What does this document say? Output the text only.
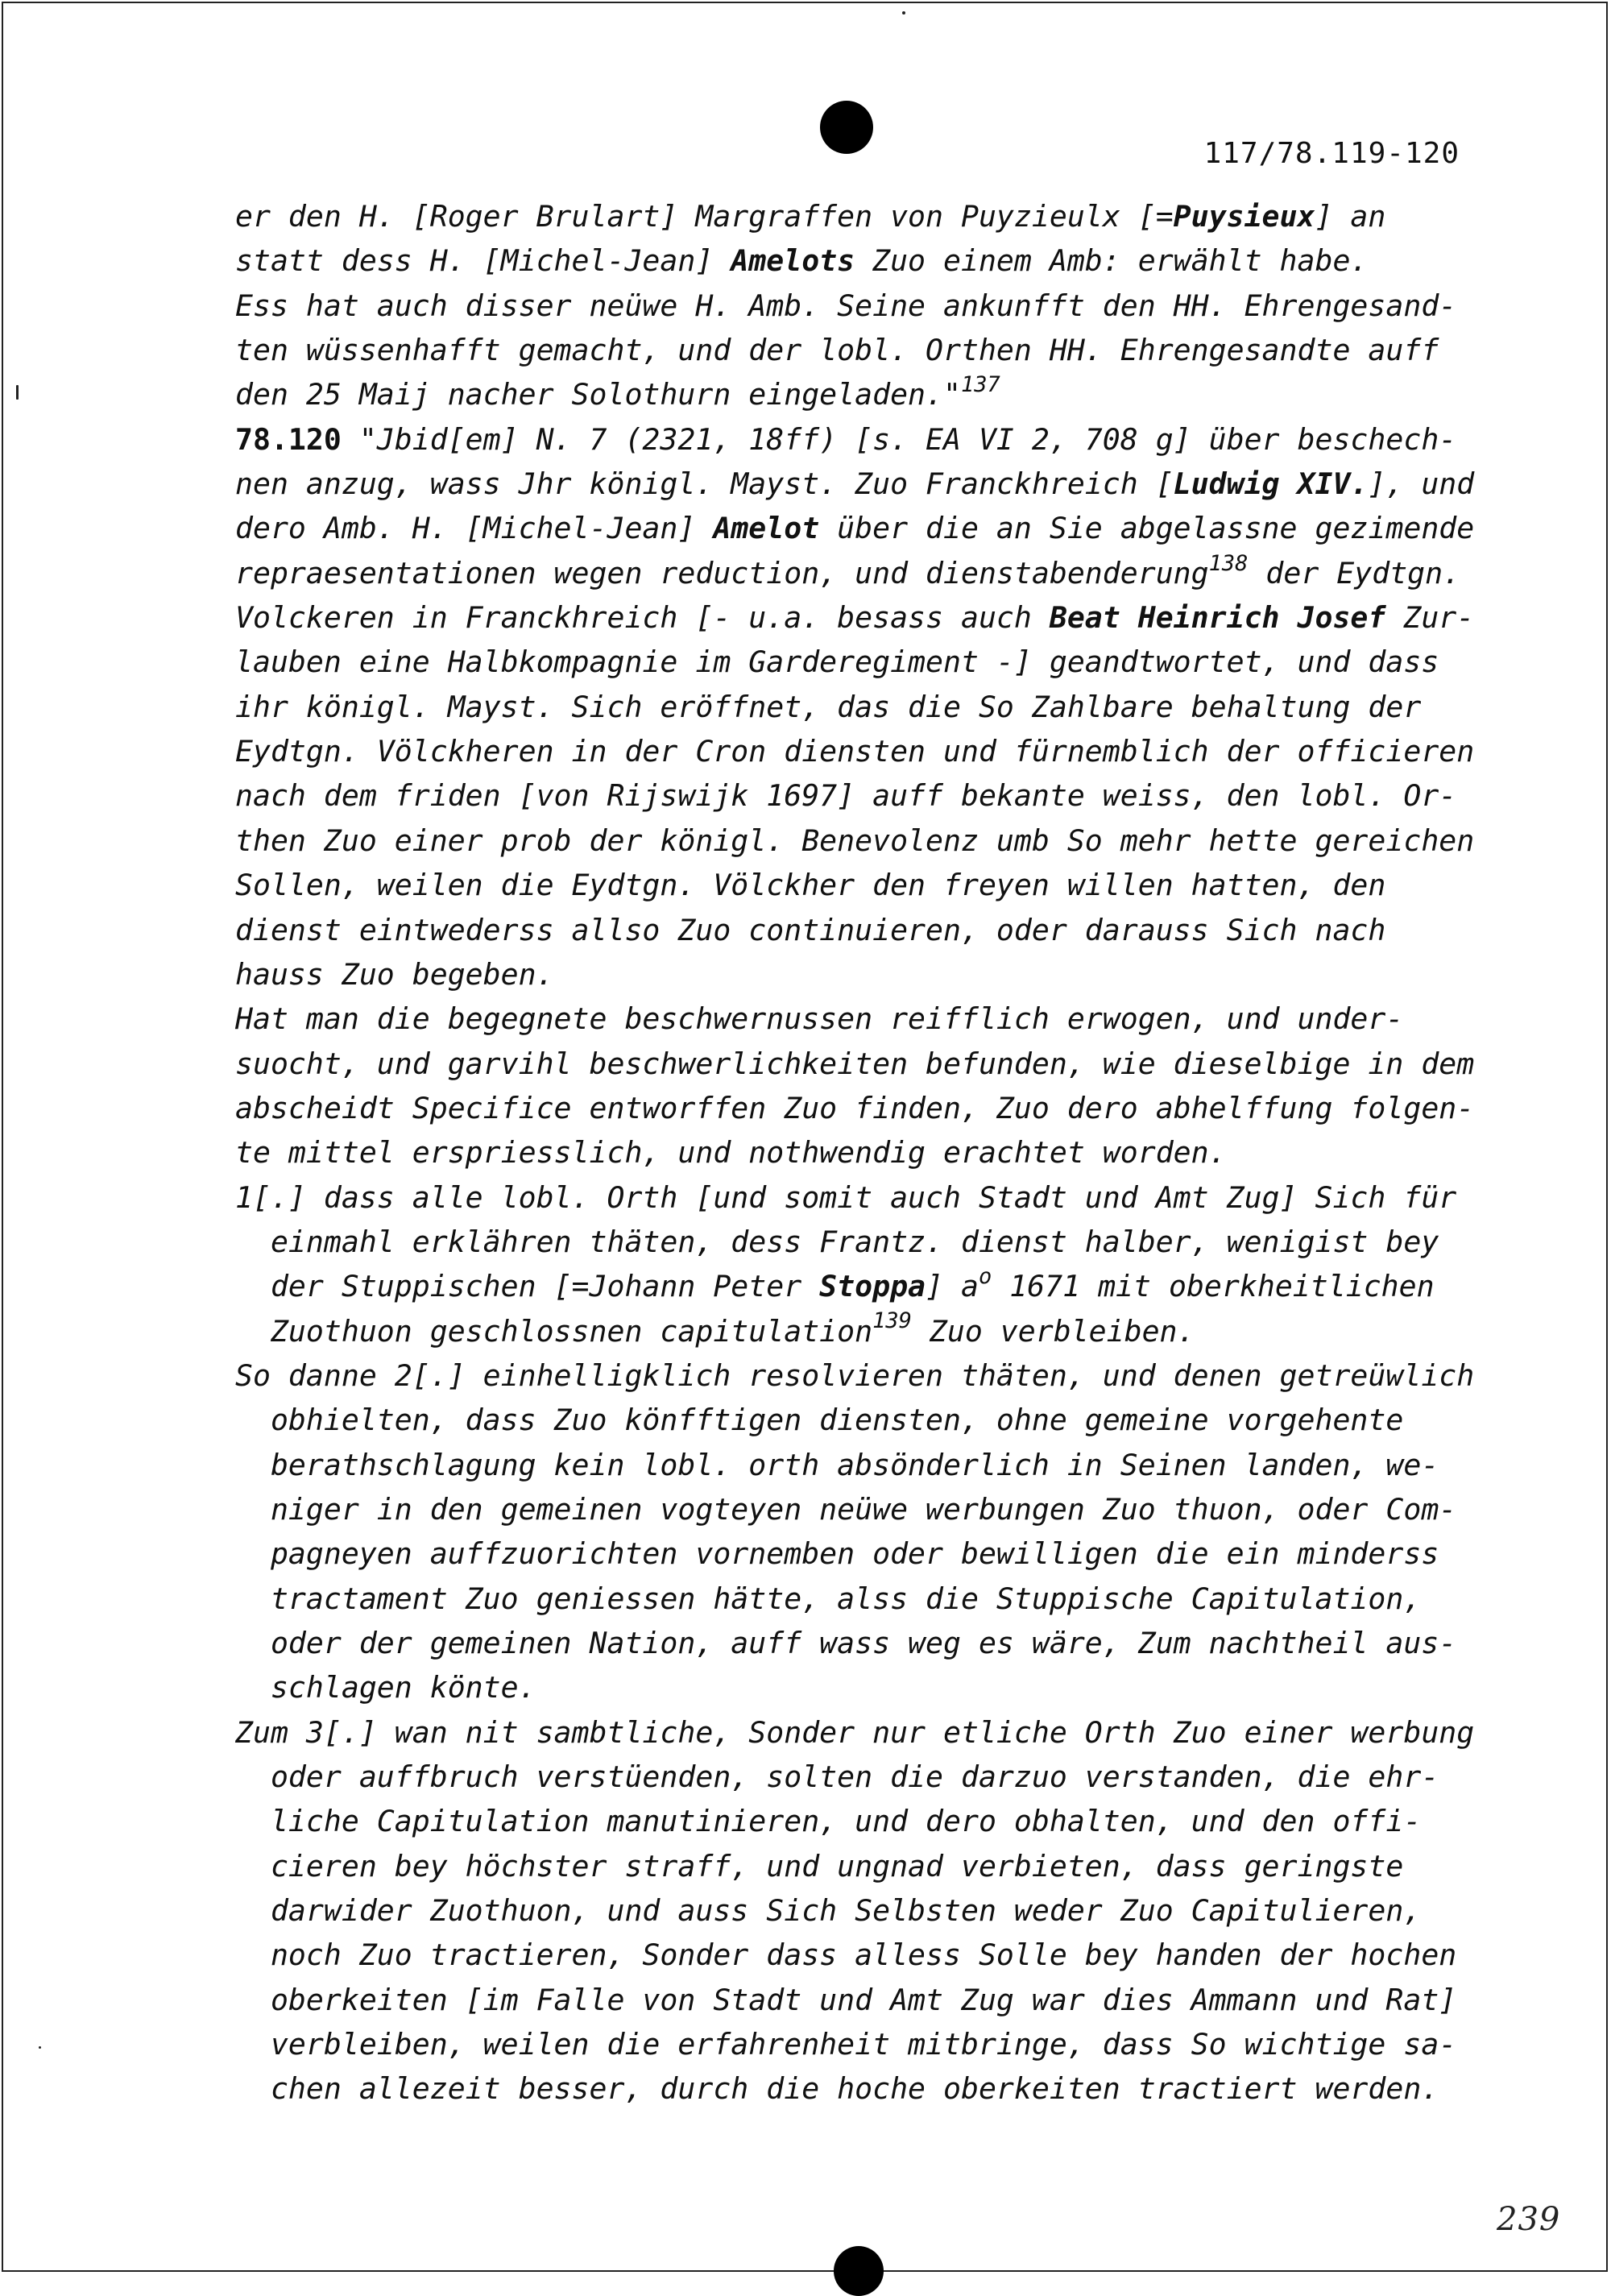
117/78.119-120
er den H. [Roger Brulart] Margraffen von Puyzieulx [=Puysieux] an
statt dess H. [Michel-Jean] Amelots Zuo einem Amb: erwählt habe.
Ess hat auch disser neüwe H. Amb. Seine ankunfft den HH. Ehrengesand-
ten wüssenhafft gemacht, und der lobl. Orthen HH. Ehrengesandte auff
den 25 Maij nacher Solothurn eingeladen."$^{137}$
78.120 "Jbid[em] N. 7 (2321, 18ff) [s. EA VI 2, 708 g] über beschech-
nen anzug, wass Jhr königl. Mayst. Zuo Franckhreich [Ludwig XIV.], und
dero Amb. H. [Michel-Jean] Amelot über die an Sie abgelassne gezimende
repraesentationen wegen reduction, und dienstabenderung$^{138}$ der Eydtgn.
Volckeren in Franckhreich [- u.a. besass auch Beat Heinrich Josef Zur-
lauben eine Halbkompagnie im Garderegiment -] geandtwortet, und dass
ihr königl. Mayst. Sich eröffnet, das die So Zahlbare behaltung der
Eydtgn. Völckheren in der Cron diensten und fürnemblich der officieren
nach dem friden [von Rijswijk 1697] auff bekante weiss, den lobl. Or-
then Zuo einer prob der königl. Benevolenz umb So mehr hette gereichen
Sollen, weilen die Eydtgn. Völckher den freyen willen hatten, den
dienst eintwederss allso Zuo continuieren, oder darauss Sich nach
hauss Zuo begeben.
Hat man die begegnete beschwernussen reifflich erwogen, und under-
suocht, und garvihl beschwerlichkeiten befunden, wie dieselbige in dem
abscheidt Specifice entworffen Zuo finden, Zuo dero abhelffung folgen-
te mittel erspriesslich, und nothwendig erachtet worden.
1[.] dass alle lobl. Orth [und somit auch Stadt und Amt Zug] Sich für
einmahl erklähren thäten, dess Frantz. dienst halber, wenigist bey
der Stuppischen [=Johann Peter Stoppa] $a^o$ 1671 mit oberkheitlichen
Zuothuon geschlossnen capitulation$^{139}$ Zuo verbleiben.
So danne 2[.] einhelligklich resolvieren thäten, und denen getreüwlich
obhielten, dass Zuo könfftigen diensten, ohne gemeine vorgehente
berathschlagung kein lobl. orth absönderlich in Seinen landen, we-
niger in den gemeinen vogteyen neüwe werbungen Zuo thuon, oder Com-
pagneyen auffzuorichten vornemben oder bewilligen die ein minderss
tractament Zuo geniessen hätte, alss die Stuppische Capitulation,
oder der gemeinen Nation, auff wass weg es wäre, Zum nachtheil aus-
schlagen könte.
Zum 3[.] wan nit sambtliche, Sonder nur etliche Orth Zuo einer werbung
oder auffbruch verstüenden, solten die darzuo verstanden, die ehr-
liche Capitulation manutinieren, und dero obhalten, und den offi-
cieren bey höchster straff, und ungnad verbieten, dass geringste
darwider Zuothuon, und auss Sich Selbsten weder Zuo Capitulieren,
noch Zuo tractieren, Sonder dass alless Solle bey handen der hochen
oberkeiten [im Falle von Stadt und Amt Zug war dies Ammann und Rat]
verbleiben, weilen die erfahrenheit mitbringe, dass So wichtige sa-
chen allezeit besser, durch die hoche oberkeiten tractiert werden.
239
